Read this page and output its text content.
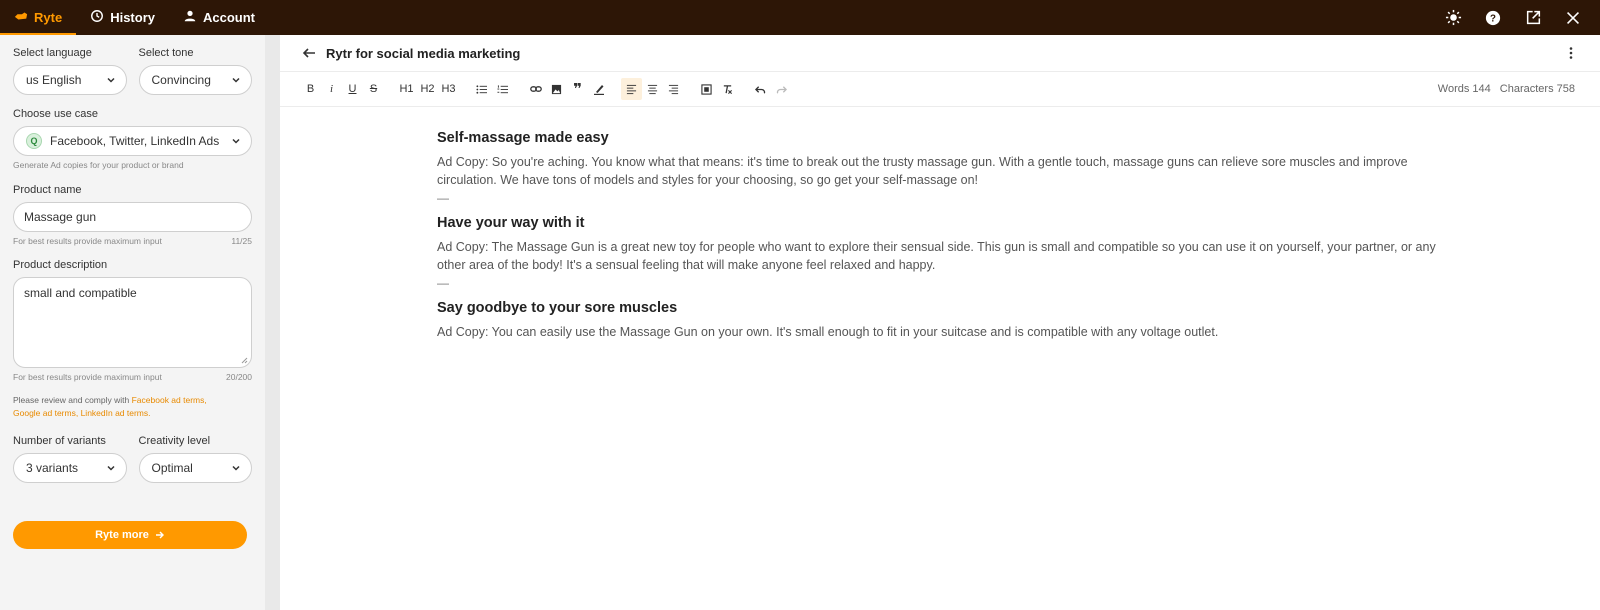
Ryte	History	Account	?
Select language
us English
Select tone
Convincing
Choose use case
Q	Facebook, Twitter, LinkedIn Ads
Generate Ad copies for your product or brand
Product name
Massage gun
For best results provide maximum input	11/25
Product description
small and compatible
For best results provide maximum input	20/200
Please review and comply with Facebook ad terms,
Google ad terms, LinkedIn ad terms.
Number of variants
3 variants
Creativity level
Optimal
Ryte more
Rytr for social media marketing
B	i	U	S	H1 H2 H3	❞	Words 144 Characters 758
Self-massage made easy

Ad Copy: So you're aching. You know what that means: it's time to break out the trusty massage gun. With a gentle touch, massage guns can relieve sore muscles and improve circulation. We have tons of models and styles for your choosing, so go get your self-massage on!

—
Have your way with it

Ad Copy: The Massage Gun is a great new toy for people who want to explore their sensual side. This gun is small and compatible so you can use it on yourself, your partner, or any other area of the body! It's a sensual feeling that will make anyone feel relaxed and happy.

—
Say goodbye to your sore muscles

Ad Copy: You can easily use the Massage Gun on your own. It's small enough to fit in your suitcase and is compatible with any voltage outlet.
